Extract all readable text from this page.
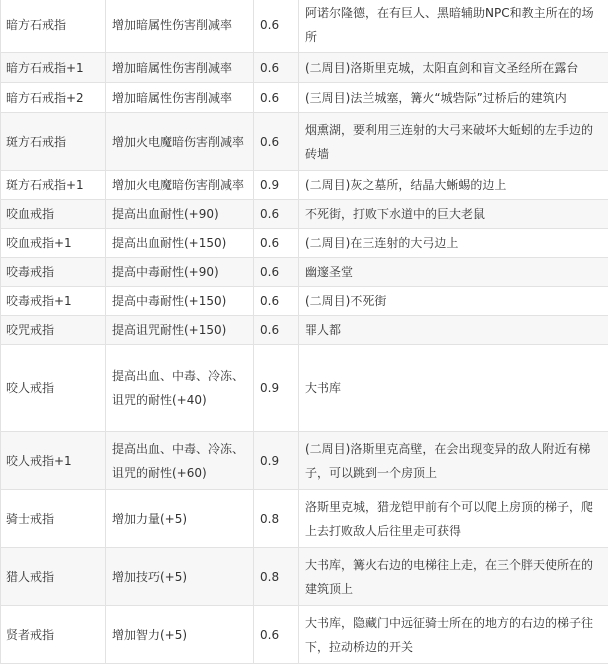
暗方石戒指	增加暗属性伤害削减率	0.6	阿诺尔隆德，在有巨人、黑暗辅助NPC和教主所在的场所
暗方石戒指+1	增加暗属性伤害削减率	0.6	(二周目)洛斯里克城，太阳直剑和盲文圣经所在露台
暗方石戒指+2	增加暗属性伤害削减率	0.6	(三周目)法兰城塞，篝火“城砦际”过桥后的建筑内
斑方石戒指	增加火电魔暗伤害削减率	0.6	烟熏湖，要利用三连射的大弓来破坏大蚯蚓的左手边的砖墙
斑方石戒指+1	增加火电魔暗伤害削减率	0.9	(二周目)灰之墓所，结晶大蜥蜴的边上
咬血戒指	提高出血耐性(+90)	0.6	不死街，打败下水道中的巨大老鼠
咬血戒指+1	提高出血耐性(+150)	0.6	(二周目)在三连射的大弓边上
咬毒戒指	提高中毒耐性(+90)	0.6	幽邃圣堂
咬毒戒指+1	提高中毒耐性(+150)	0.6	(二周目)不死街
咬咒戒指	提高诅咒耐性(+150)	0.6	罪人都
咬人戒指	提高出血、中毒、冷冻、诅咒的耐性(+40)	0.9	大书库
咬人戒指+1	提高出血、中毒、冷冻、诅咒的耐性(+60)	0.9	(二周目)洛斯里克高壁，在会出现变异的敌人附近有梯子，可以跳到一个房顶上
骑士戒指	增加力量(+5)	0.8	洛斯里克城，猎龙铠甲前有个可以爬上房顶的梯子，爬上去打败敌人后往里走可获得
猎人戒指	增加技巧(+5)	0.8	大书库，篝火右边的电梯往上走，在三个胖天使所在的建筑顶上
贤者戒指	增加智力(+5)	0.6	大书库，隐藏门中远征骑士所在的地方的右边的梯子往下，拉动桥边的开关
